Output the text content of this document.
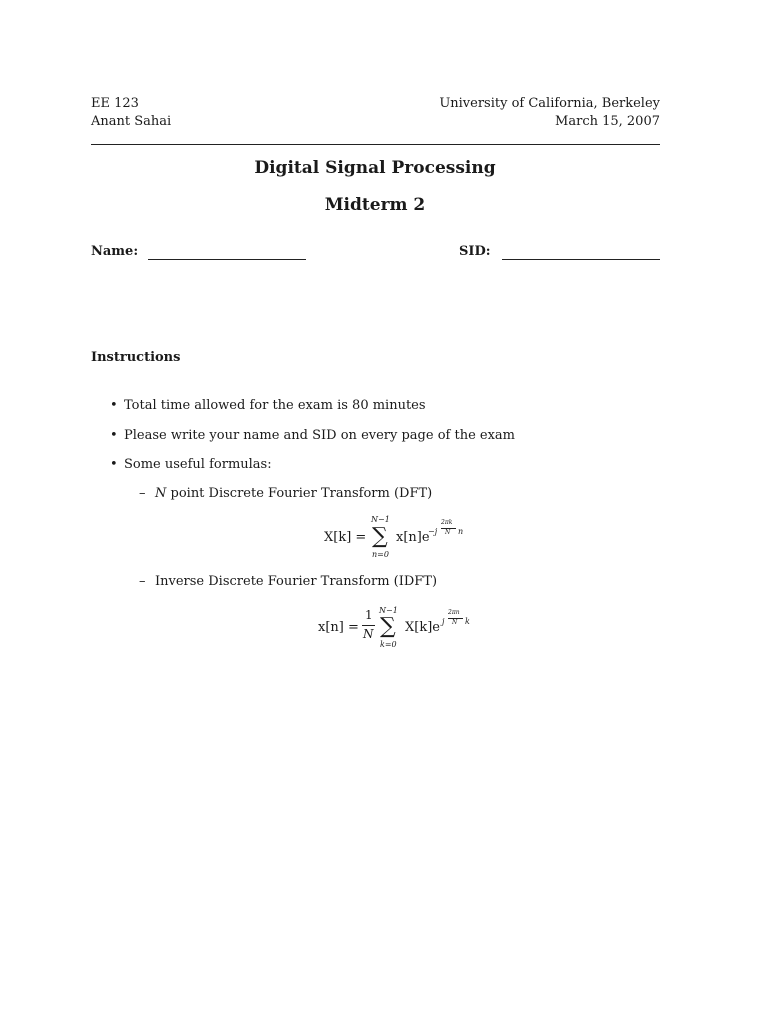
EE 123
Anant Sahai
University of California, Berkeley
March 15, 2007
Digital Signal Processing
Midterm 2
Name:	SID:
Instructions
• Total time allowed for the exam is 80 minutes
• Please write your name and SID on every page of the exam
• Some useful formulas:
– N point Discrete Fourier Transform (DFT)
X[k] =
N−1
∑
n=0
x[n]e
−j
2πk
N n
– Inverse Discrete Fourier Transform (IDFT)
x[n] =
1
N
N−1
∑
k=0
X[k]e j
2πn
N k
